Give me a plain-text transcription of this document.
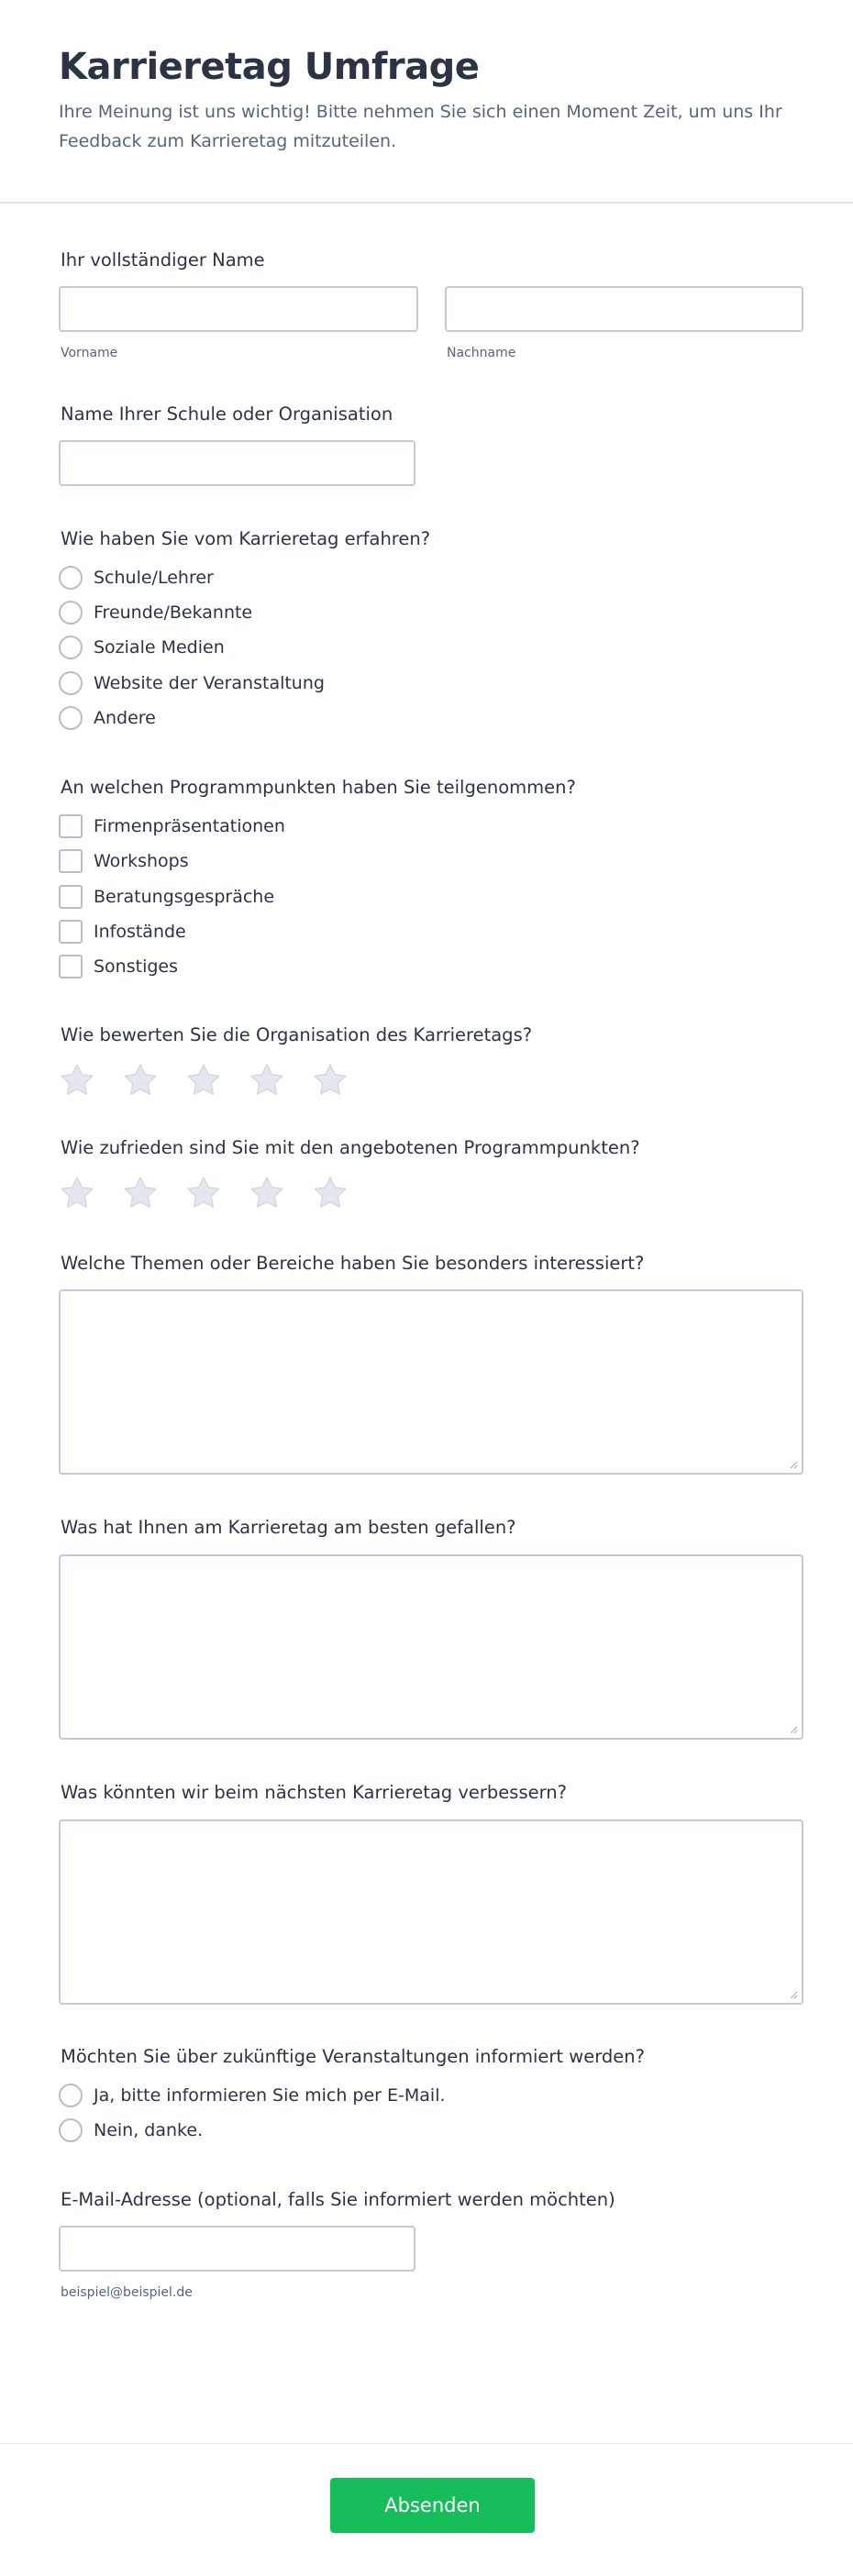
Karrieretag Umfrage

Ihre Meinung ist uns wichtig! Bitte nehmen Sie sich einen Moment Zeit, um uns Ihr Feedback zum Karrieretag mitzuteilen.

Ihr vollständiger Name
Vorname	Nachname
Name Ihrer Schule oder Organisation
Wie haben Sie vom Karrieretag erfahren?
Schule/Lehrer
Freunde/Bekannte
Soziale Medien
Website der Veranstaltung
Andere
An welchen Programmpunkten haben Sie teilgenommen?
Firmenpräsentationen
Workshops
Beratungsgespräche
Infostände
Sonstiges
Wie bewerten Sie die Organisation des Karrieretags?
Wie zufrieden sind Sie mit den angebotenen Programmpunkten?
Welche Themen oder Bereiche haben Sie besonders interessiert?
Was hat Ihnen am Karrieretag am besten gefallen?
Was könnten wir beim nächsten Karrieretag verbessern?
Möchten Sie über zukünftige Veranstaltungen informiert werden?
Ja, bitte informieren Sie mich per E-Mail.
Nein, danke.
E-Mail-Adresse (optional, falls Sie informiert werden möchten)
beispiel@beispiel.de
Absenden
